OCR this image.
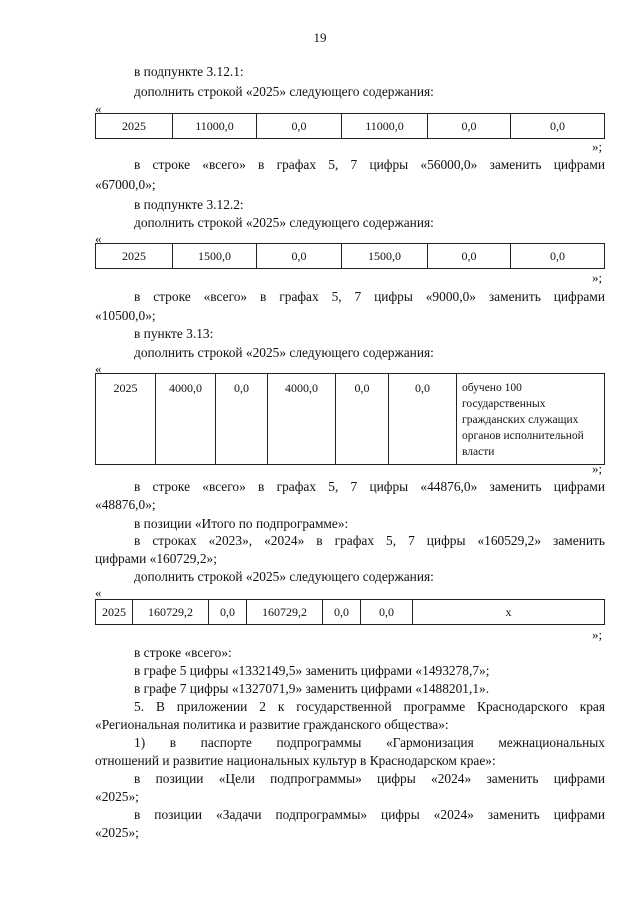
19
в подпункте 3.12.1:
дополнить строкой «2025» следующего содержания:
«
2025	11000,0	0,0	11000,0	0,0	0,0
»;
в строке «всего» в графах 5, 7 цифры «56000,0» заменить цифрами
«67000,0»;
в подпункте 3.12.2:
дополнить строкой «2025» следующего содержания:
«
2025	1500,0	0,0	1500,0	0,0	0,0
»;
в строке «всего» в графах 5, 7 цифры «9000,0» заменить цифрами
«10500,0»;
в пункте 3.13:
дополнить строкой «2025» следующего содержания:
«
2025	4000,0	0,0	4000,0	0,0	0,0	обучено 100 государственных гражданских служащих органов исполнительной власти
»;
в строке «всего» в графах 5, 7 цифры «44876,0» заменить цифрами
«48876,0»;
в позиции «Итого по подпрограмме»:
в строках «2023», «2024» в графах 5, 7 цифры «160529,2» заменить
цифрами «160729,2»;
дополнить строкой «2025» следующего содержания:
«
2025	160729,2	0,0	160729,2	0,0	0,0	х
»;
в строке «всего»:
в графе 5 цифры «1332149,5» заменить цифрами «1493278,7»;
в графе 7 цифры «1327071,9» заменить цифрами «1488201,1».
5. В приложении 2 к государственной программе Краснодарского края
«Региональная политика и развитие гражданского общества»:
1) в паспорте подпрограммы «Гармонизация межнациональных
отношений и развитие национальных культур в Краснодарском крае»:
в позиции «Цели подпрограммы» цифры «2024» заменить цифрами
«2025»;
в позиции «Задачи подпрограммы» цифры «2024» заменить цифрами
«2025»;
